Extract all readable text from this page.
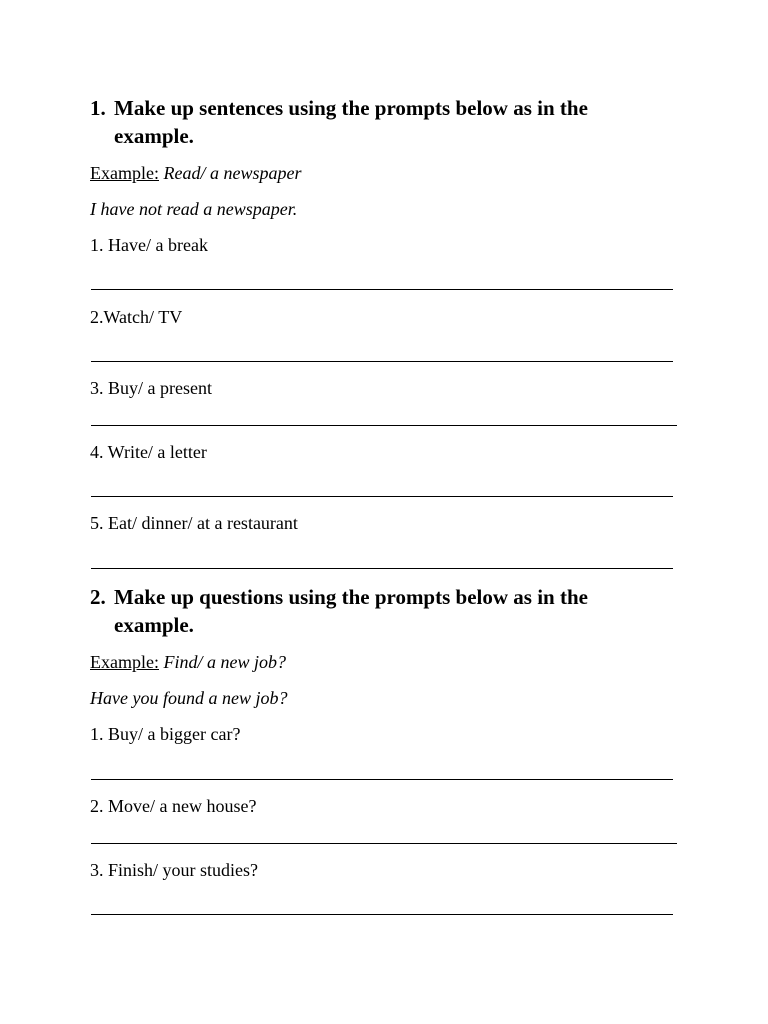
1. Make up sentences using the prompts below as in the
example.
Example: Read/ a newspaper
I have not read a newspaper.
1. Have/ a break
2.Watch/ TV
3. Buy/ a present
4. Write/ a letter
5. Eat/ dinner/ at a restaurant
2. Make up questions using the prompts below as in the
example.
Example: Find/ a new job?
Have you found a new job?
1. Buy/ a bigger car?
2. Move/ a new house?
3. Finish/ your studies?
